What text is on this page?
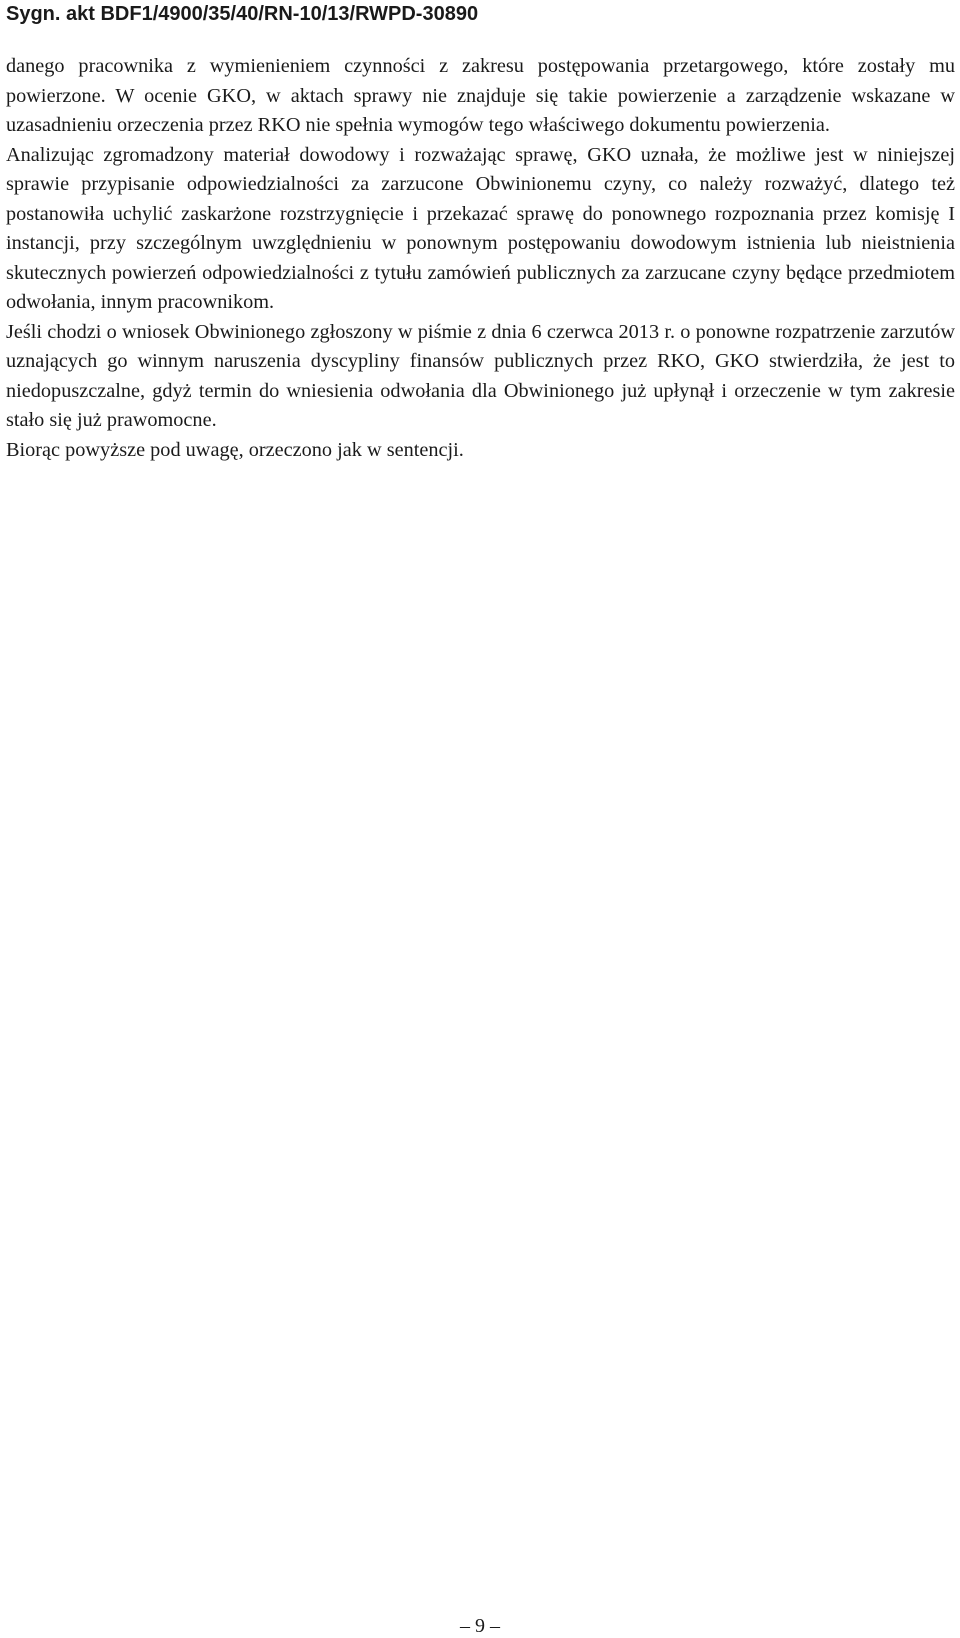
Sygn. akt BDF1/4900/35/40/RN-10/13/RWPD-30890

danego pracownika z wymienieniem czynności z zakresu postępowania przetargowego, które zostały mu powierzone. W ocenie GKO, w aktach sprawy nie znajduje się takie powierzenie a zarządzenie wskazane w uzasadnieniu orzeczenia przez RKO nie spełnia wymogów tego właściwego dokumentu powierzenia.

Analizując zgromadzony materiał dowodowy i rozważając sprawę, GKO uznała, że możliwe jest w niniejszej sprawie przypisanie odpowiedzialności za zarzucone Obwinionemu czyny, co należy rozważyć, dlatego też postanowiła uchylić zaskarżone rozstrzygnięcie i przekazać sprawę do ponownego rozpoznania przez komisję I instancji, przy szczególnym uwzględnieniu w ponownym postępowaniu dowodowym istnienia lub nieistnienia skutecznych powierzeń odpowiedzialności z tytułu zamówień publicznych za zarzucane czyny będące przedmiotem odwołania, innym pracownikom.

Jeśli chodzi o wniosek Obwinionego zgłoszony w piśmie z dnia 6 czerwca 2013 r. o ponowne rozpatrzenie zarzutów uznających go winnym naruszenia dyscypliny finansów publicznych przez RKO, GKO stwierdziła, że jest to niedopuszczalne, gdyż termin do wniesienia odwołania dla Obwinionego już upłynął i orzeczenie w tym zakresie stało się już prawomocne.

Biorąc powyższe pod uwagę, orzeczono jak w sentencji.

– 9 –
